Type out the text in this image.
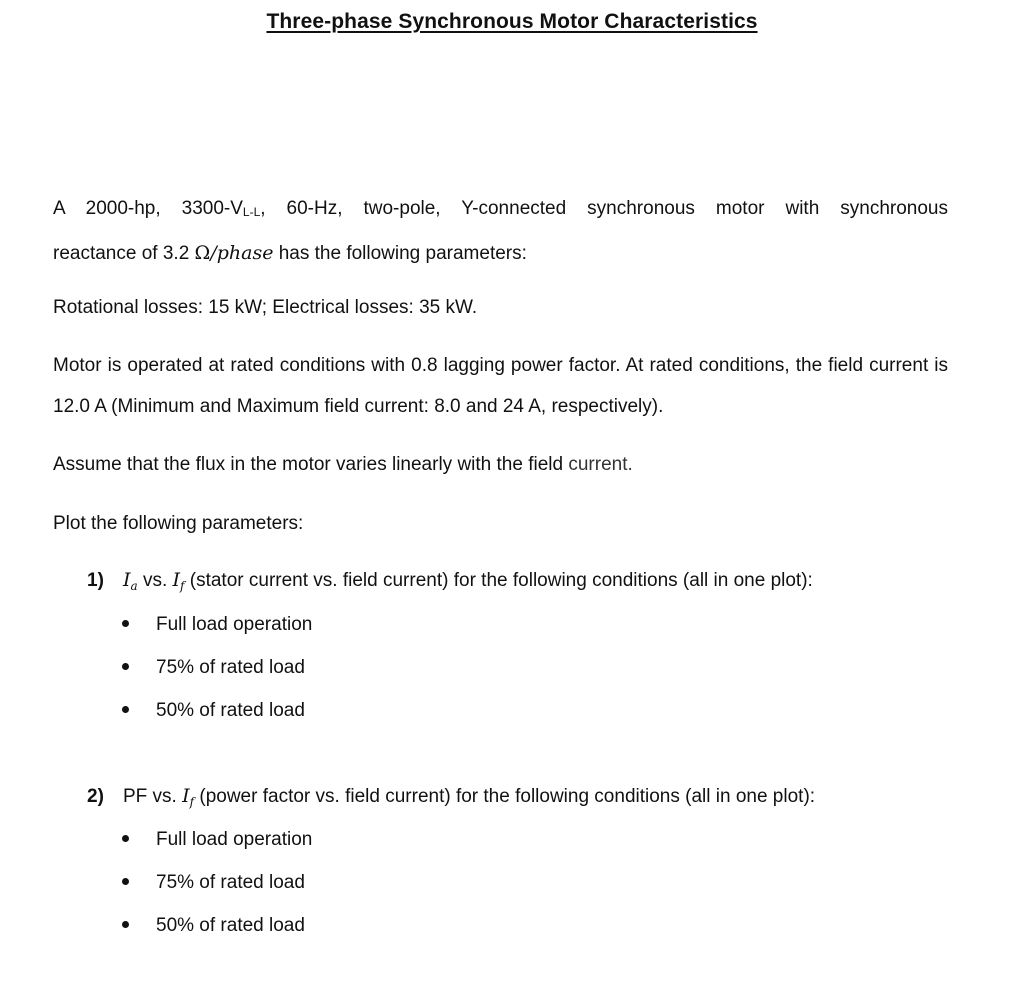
Three-phase Synchronous Motor Characteristics
A 2000-hp, 3300-VL-L, 60-Hz, two-pole, Y-connected synchronous motor with synchronous
reactance of 3.2 Ω/phase has the following parameters:
Rotational losses: 15 kW; Electrical losses: 35 kW.
Motor is operated at rated conditions with 0.8 lagging power factor. At rated conditions, the field current is 12.0 A (Minimum and Maximum field current: 8.0 and 24 A, respectively).
Assume that the flux in the motor varies linearly with the field current.
Plot the following parameters:
1) $I_a$ vs. $I_f$ (stator current vs. field current) for the following conditions (all in one plot):
Full load operation
75% of rated load
50% of rated load
2) PF vs. $I_f$ (power factor vs. field current) for the following conditions (all in one plot):
Full load operation
75% of rated load
50% of rated load
